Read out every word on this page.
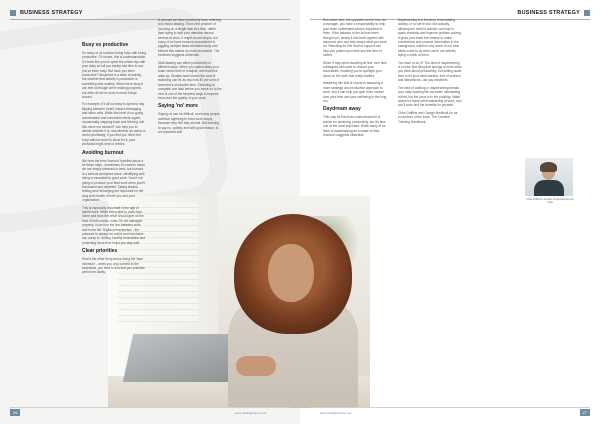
BUSINESS STRATEGY	BUSINESS STRATEGY
Busy vs productive

So many of us confuse being busy with being productive. Of course, this is understandable. If it feels like you've spent the whole day with your diary so full you barely had time to eat, you've been busy. But have you been productive? Busyness is a state of activity, but whether that activity is productive is something else entirely. When we're busy it can feel as though we're making progress, but often all we've done is move things around.

For example, it's all too easy to spend a day flipping between email, instant messaging and video calls. While this level of on-going conversation and connection feels urgent, occasionally stepping back and thinking 'will this move me forward?' can help you to decide whether it is, and whether an action is worth prioritising. If you find you often feel busy without much to show for it, your workload might need a rethink.

Avoiding burnout

We hear the term 'burnout' bandied about a lot these days - sometimes it's used to mean we are simply stressed or tired, but burnout is a serious workplace issue. Identifying well-being is essential for good work. You're not going to produce your best work when you're exhausted and depleted. Taking breaks, resting and recharging are important for the long-term health of both you and your organisation.

This is especially important in the age of hybrid work. While being able to work from home and from the office should give us the best of both worlds, when it's not managed properly, it can blur the line between work and home life. Digital presenteeism - the pressure to always be online and reachable - can creep in. Setting healthy boundaries and protecting focus time helps you stay well.

Clear priorities

Here's the other thing about doing the 'bare minimum' - when you only commit to the essentials, you tend to find that you prioritise with more clarity.

A concept we have commonly been referring to is mono-tasking. This is the practice of focusing on a single task at a time, rather than trying to split your attention across several at once. It might sound simple, but many of us have become accustomed to juggling multiple tasks simultaneously and believe this makes us more productive. The evidence suggests otherwise.

Multi-tasking can affect productivity in different ways. When you switch tasks your brain needs time to readjust, and that time adds up. Studies have shown the cost of switching can be as much as 40 per cent of someone's productive time. Choosing to complete one task before you move on to the next is one of the simplest ways to improve focus and the quality of your work.

Saying 'no' more

Saying no can be difficult, and many people continue agreeing to extra work simply because they feel they should. But learning to say no, politely and with good reason, is an important skill.

But notice here, the opposite can be true. As a manager, you have a responsibility to help your team understand what is expected of them. If the balance of the list has been thought out, clearly it has been agreed with someone who can help shape what you work on. Reaching for this level of support can help you protect your time and the time of others.

When it may seem daunting at first, over time colleagues will come to respect your boundaries, enabling you to spotlight your focus on the work that really matters.

Mastering this skill is crucial to balancing a more strategic and productive approach to work, and it can help you gain more control over your time and your wellbeing in the long run.

Daydream away

This may be the most controversial bit of advice for achieving productivity, but it's also one of the most important. While many of us think of daydreaming as a waste of time, research suggests otherwise.

Daydreaming is a frivolous, time-wasting activity, or so we're told. But actually, allowing the mind to wander can help to spark creativity and improve problem solving. It gives your brain the chance to make connections and process information in the background, which is why some of our best ideas come to us when we're not actively trying to think of them.

You have to do it? The idea of daydreaming is not the first thing that springs to mind when you think about productivity, but setting aside time to let your mind wander, free of screens and distractions, can pay dividends.

The idea of walking or daydreaming breaks your daily working life can seem intimidating at first, but the proof is in the pudding. Make space for some mind wandering at work, and you'll soon find the benefits for yourself.

Chris Griffiths and Caragh Medlicott for as co-authors of the book, The Creative Thinking Handbook.

Chris Griffiths is founder of OpenGenius and Ayoa
26	27
www.intelligentsme.com	www.intelligentsme.com
